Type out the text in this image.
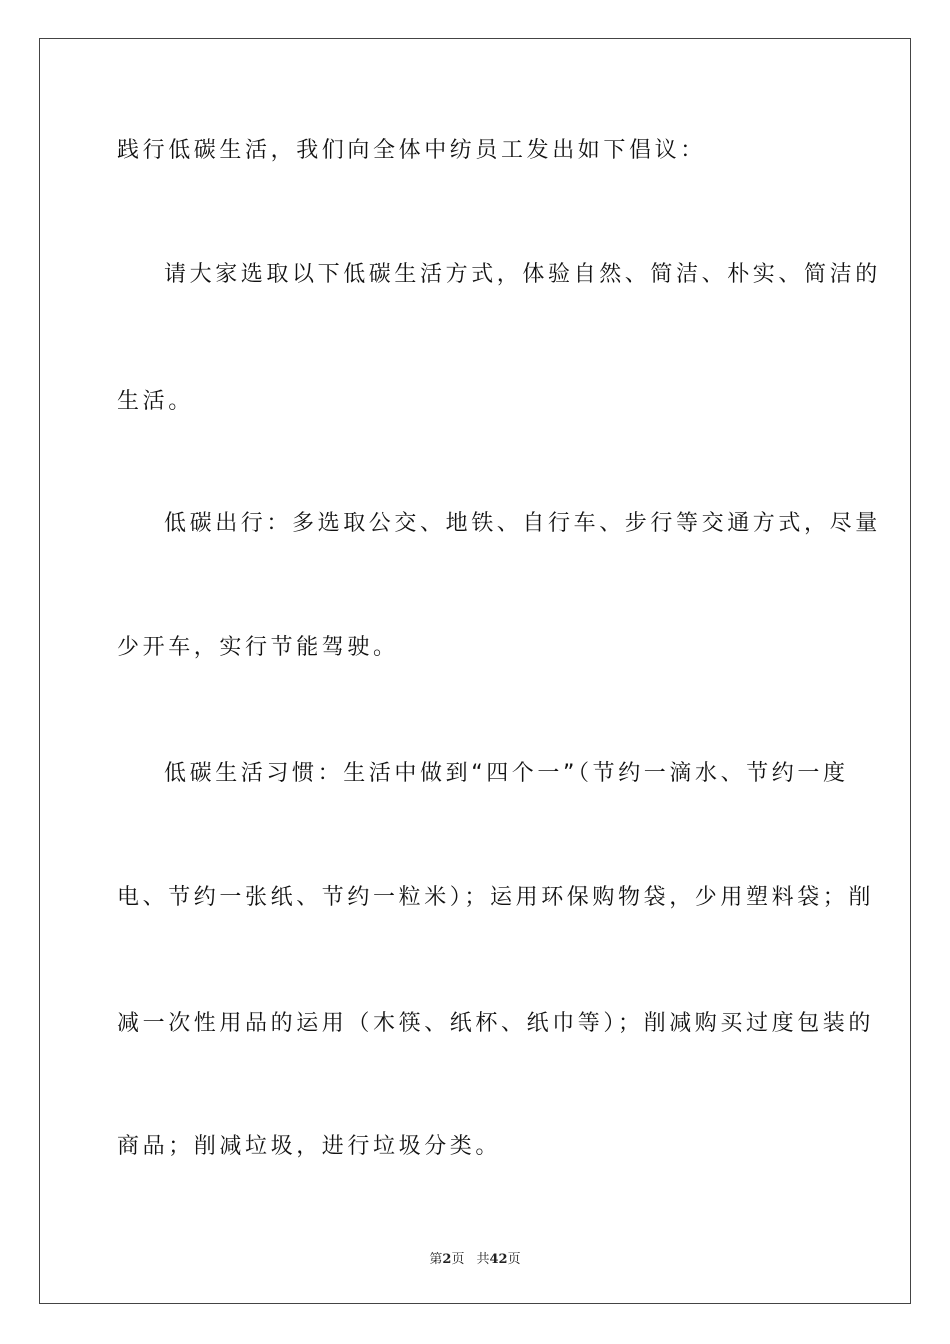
践行低碳生活，我们向全体中纺员工发出如下倡议：
请大家选取以下低碳生活方式，体验自然、简洁、朴实、简洁的
生活。
低碳出行：多选取公交、地铁、自行车、步行等交通方式，尽量
少开车，实行节能驾驶。
低碳生活习惯：生活中做到“四个一”（节约一滴水、节约一度
电、节约一张纸、节约一粒米）；运用环保购物袋，少用塑料袋；削
减一次性用品的运用（木筷、纸杯、纸巾等）；削减购买过度包装的
商品；削减垃圾，进行垃圾分类。
第2页 共42页
